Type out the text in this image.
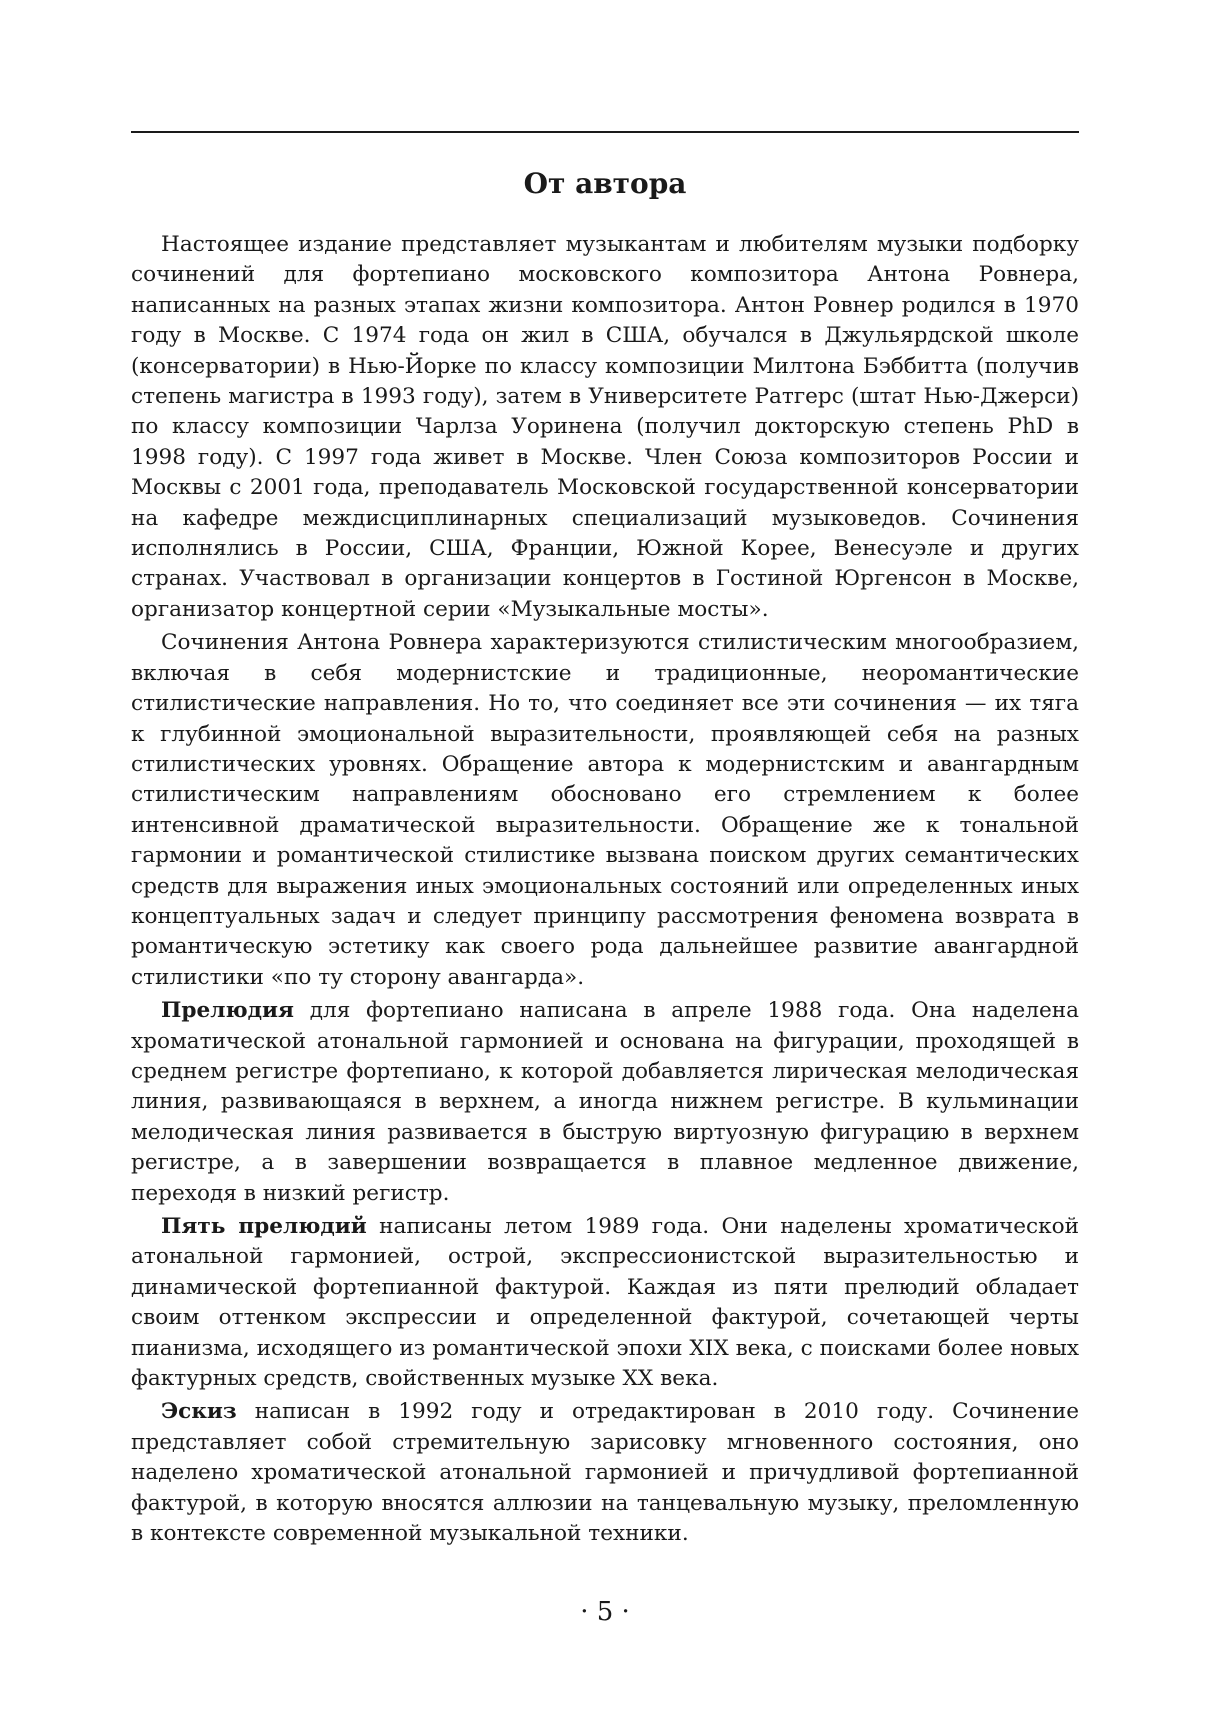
От автора

Настоящее издание представляет музыкантам и любителям музыки подборку сочинений для фортепиано московского композитора Антона Ровнера, написанных на разных этапах жизни композитора. Антон Ровнер родился в 1970 году в Москве. С 1974 года он жил в США, обучался в Джульярдской школе (консерватории) в Нью-Йорке по классу композиции Милтона Бэббитта (получив степень магистра в 1993 году), затем в Университете Ратгерс (штат Нью-Джерси) по классу композиции Чарлза Уоринена (получил докторскую степень PhD в 1998 году). С 1997 года живет в Москве. Член Союза композиторов России и Москвы с 2001 года, преподаватель Московской государственной консерватории на кафедре междисциплинарных специализаций музыковедов. Сочинения исполнялись в России, США, Франции, Южной Корее, Венесуэле и других странах. Участвовал в организации концертов в Гостиной Юргенсон в Москве, организатор концертной серии «Музыкальные мосты».

Сочинения Антона Ровнера характеризуются стилистическим многообразием, включая в себя модернистские и традиционные, неоромантические стилистические направления. Но то, что соединяет все эти сочинения — их тяга к глубинной эмоциональной выразительности, проявляющей себя на разных стилистических уровнях. Обращение автора к модернистским и авангардным стилистическим направлениям обосновано его стремлением к более интенсивной драматической выразительности. Обращение же к тональной гармонии и романтической стилистике вызвана поиском других семантических средств для выражения иных эмоциональных состояний или определенных иных концептуальных задач и следует принципу рассмотрения феномена возврата в романтическую эстетику как своего рода дальнейшее развитие авангардной стилистики «по ту сторону авангарда».

Прелюдия для фортепиано написана в апреле 1988 года. Она наделена хроматической атональной гармонией и основана на фигурации, проходящей в среднем регистре фортепиано, к которой добавляется лирическая мелодическая линия, развивающаяся в верхнем, а иногда нижнем регистре. В кульминации мелодическая линия развивается в быструю виртуозную фигурацию в верхнем регистре, а в завершении возвращается в плавное медленное движение, переходя в низкий регистр.

Пять прелюдий написаны летом 1989 года. Они наделены хроматической атональной гармонией, острой, экспрессионистской выразительностью и динамической фортепианной фактурой. Каждая из пяти прелюдий обладает своим оттенком экспрессии и определенной фактурой, сочетающей черты пианизма, исходящего из романтической эпохи XIX века, с поисками более новых фактурных средств, свойственных музыке XX века.

Эскиз написан в 1992 году и отредактирован в 2010 году. Сочинение представляет собой стремительную зарисовку мгновенного состояния, оно наделено хроматической атональной гармонией и причудливой фортепианной фактурой, в которую вносятся аллюзии на танцевальную музыку, преломленную в контексте современной музыкальной техники.

· 5 ·
